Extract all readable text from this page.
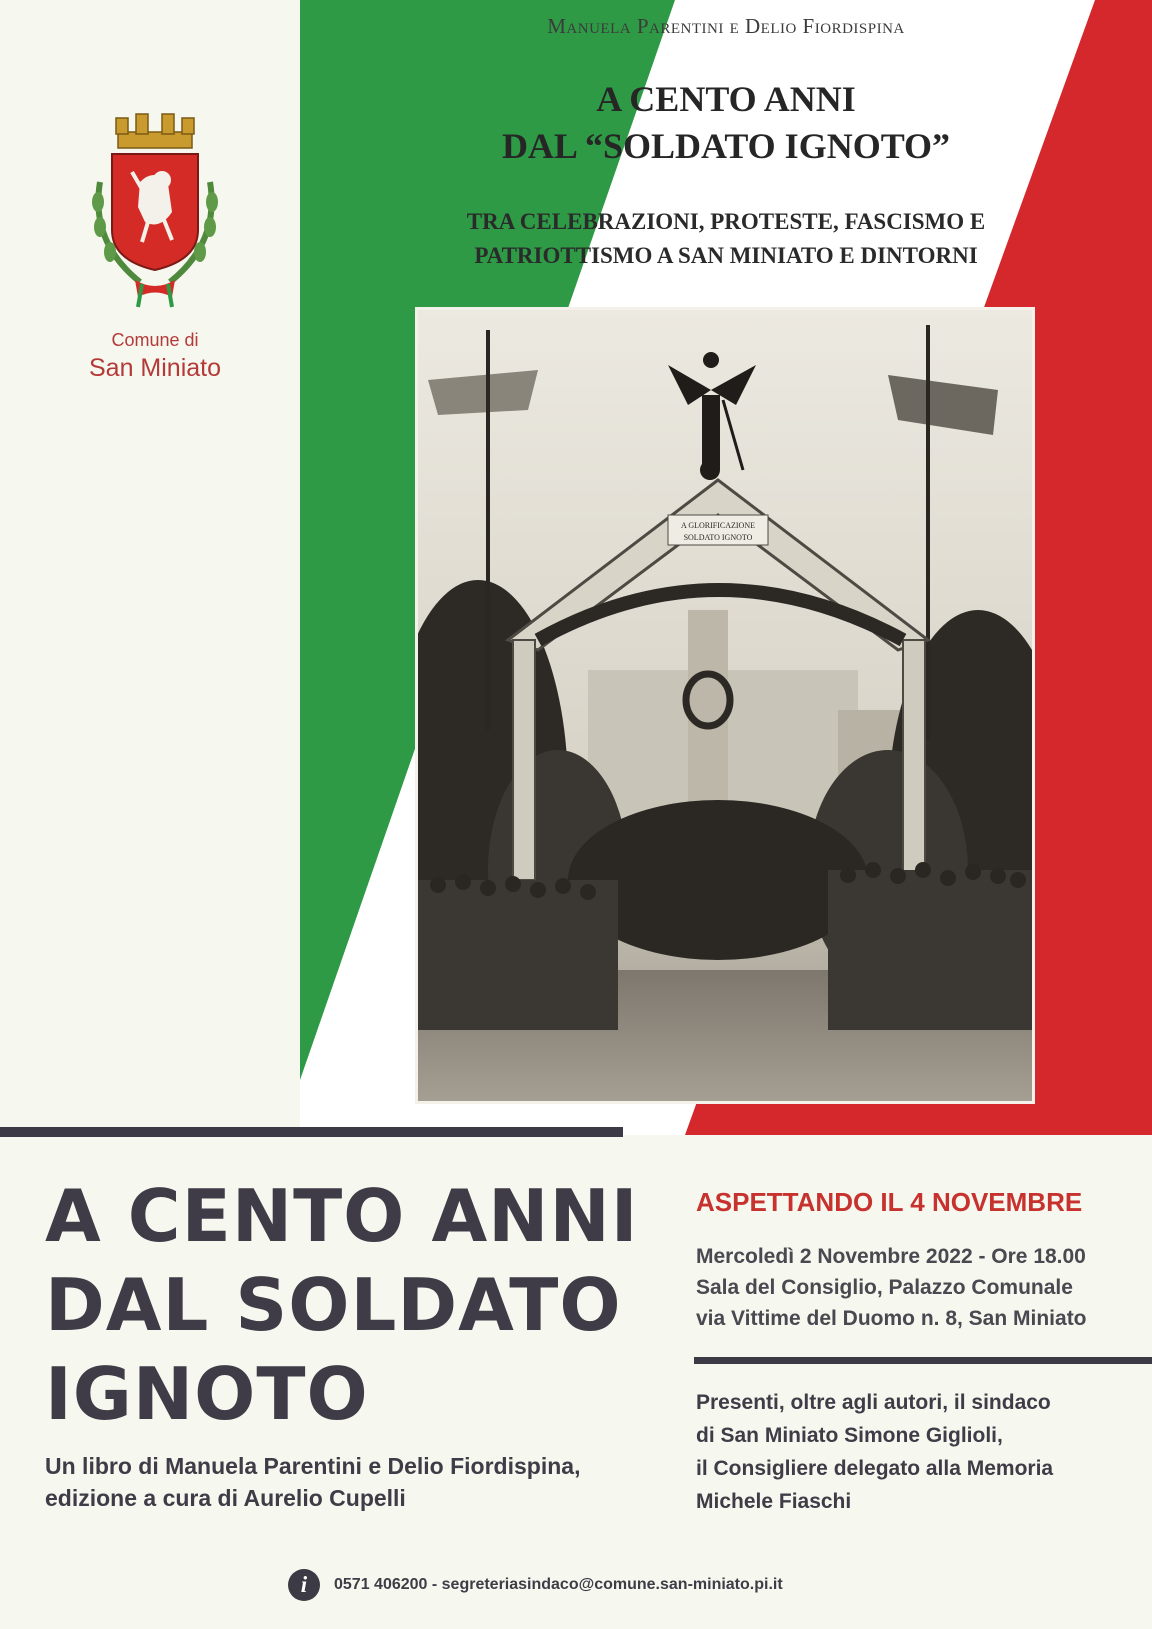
Manuela Parentini e Delio Fiordispina
A CENTO ANNI
DAL “SOLDATO IGNOTO”
TRA CELEBRAZIONI, PROTESTE, FASCISMO E
PATRIOTTISMO A SAN MINIATO E DINTORNI
A GLORIFICAZIONE
SOLDATO IGNOTO
Comune di
San Miniato
A CENTO ANNI
DAL SOLDATO
IGNOTO
Un libro di Manuela Parentini e Delio Fiordispina,
edizione a cura di Aurelio Cupelli
ASPETTANDO IL 4 NOVEMBRE
Mercoledì 2 Novembre 2022 - Ore 18.00
Sala del Consiglio, Palazzo Comunale
via Vittime del Duomo n. 8, San Miniato
Presenti, oltre agli autori, il sindaco
di San Miniato Simone Giglioli,
il Consigliere delegato alla Memoria
Michele Fiaschi
i	0571 406200 - segreteriasindaco@comune.san-miniato.pi.it
